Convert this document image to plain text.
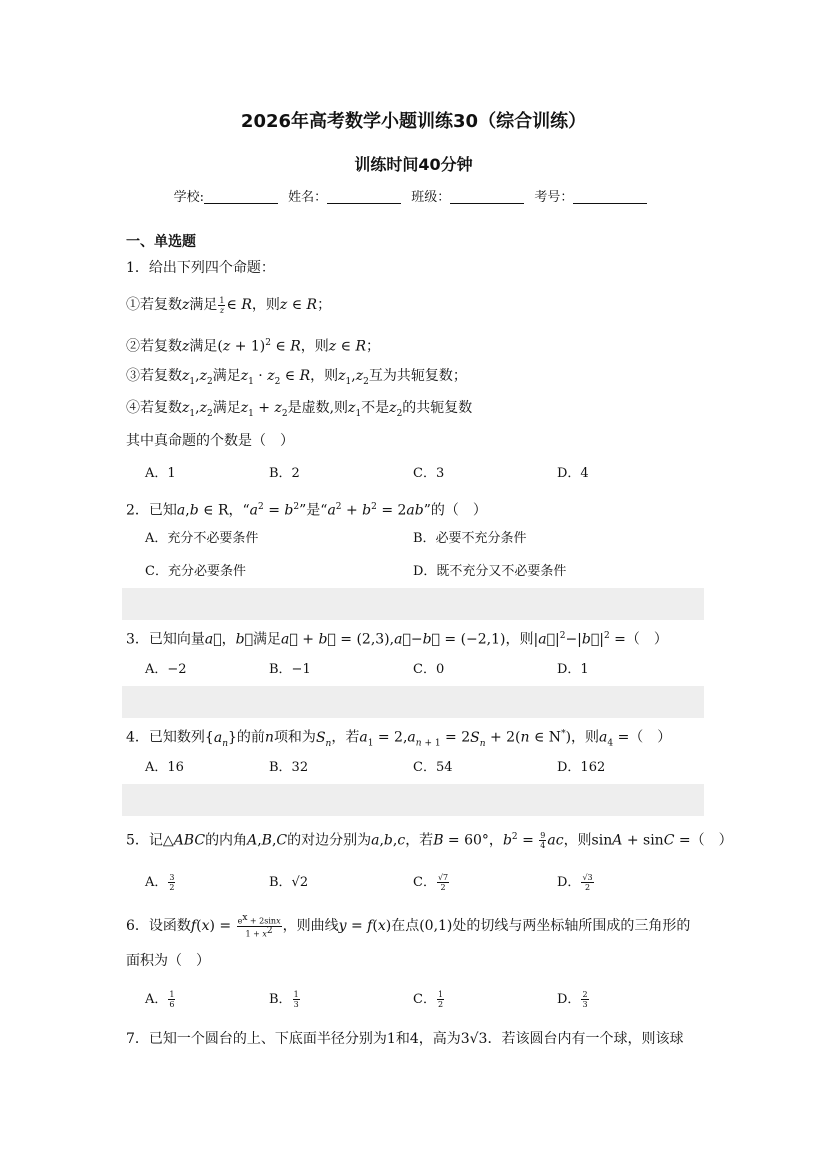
2026年高考数学小题训练30（综合训练）
训练时间40分钟
学校:	姓名：	班级：	考号：
一、单选题
1．给出下列四个命题：
①若复数z满足 $\frac{1}{z}$ ∈ R，则z ∈ R；
②若复数z满足$(z + 1)^2$ ∈ R，则z ∈ R；
③若复数$z_1,z_2$满足$z_1 \cdot z_2$ ∈ R，则$z_1,z_2$互为共轭复数；
④若复数$z_1,z_2$满足$z_1 + z_2$是虚数,则$z_1$不是$z_2$的共轭复数
其中真命题的个数是（　）
A．1	B．2	C．3	D．4
2．已知a,b ∈ R，“$a^2 = b^2$”是“$a^2 + b^2 = 2ab$”的（　）
A．充分不必要条件	B．必要不充分条件
C．充分必要条件	D．既不充分又不必要条件
3．已知向量a⃗，b⃗满足a⃗ + b⃗ = (2,3),a⃗−b⃗ = (−2,1)，则$|a⃗|^2-|b⃗|^2$ =（　）
A．−2	B．−1	C．0	D．1
4．已知数列$\{a_n\}$的前n项和为$S_n$，若$a_1 = 2,a_{n + 1} = 2S_n + 2(n$ ∈ N*)，则$a_4$ =（　）
A．16	B．32	C．54	D．162
5．记△ABC的内角A,B,C的对边分别为a,b,c，若B = 60°，$b^2 = \frac{9}{4}$ ac，则sinA + sinC =（　）
A． $\frac{3}{2}$	B．√2	C． $\frac{√7}{2}$	D． $\frac{√3}{2}$
6．设函数$f(x) = \frac{e^x + 2\sin x}{1 + x^2}$ ，则曲线y = f(x)在点(0,1)处的切线与两坐标轴所围成的三角形的
面积为（　）
A． $\frac{1}{6}$	B． $\frac{1}{3}$	C． $\frac{1}{2}$	D． $\frac{2}{3}$
7．已知一个圆台的上、下底面半径分别为1和4，高为3√3．若该圆台内有一个球，则该球
